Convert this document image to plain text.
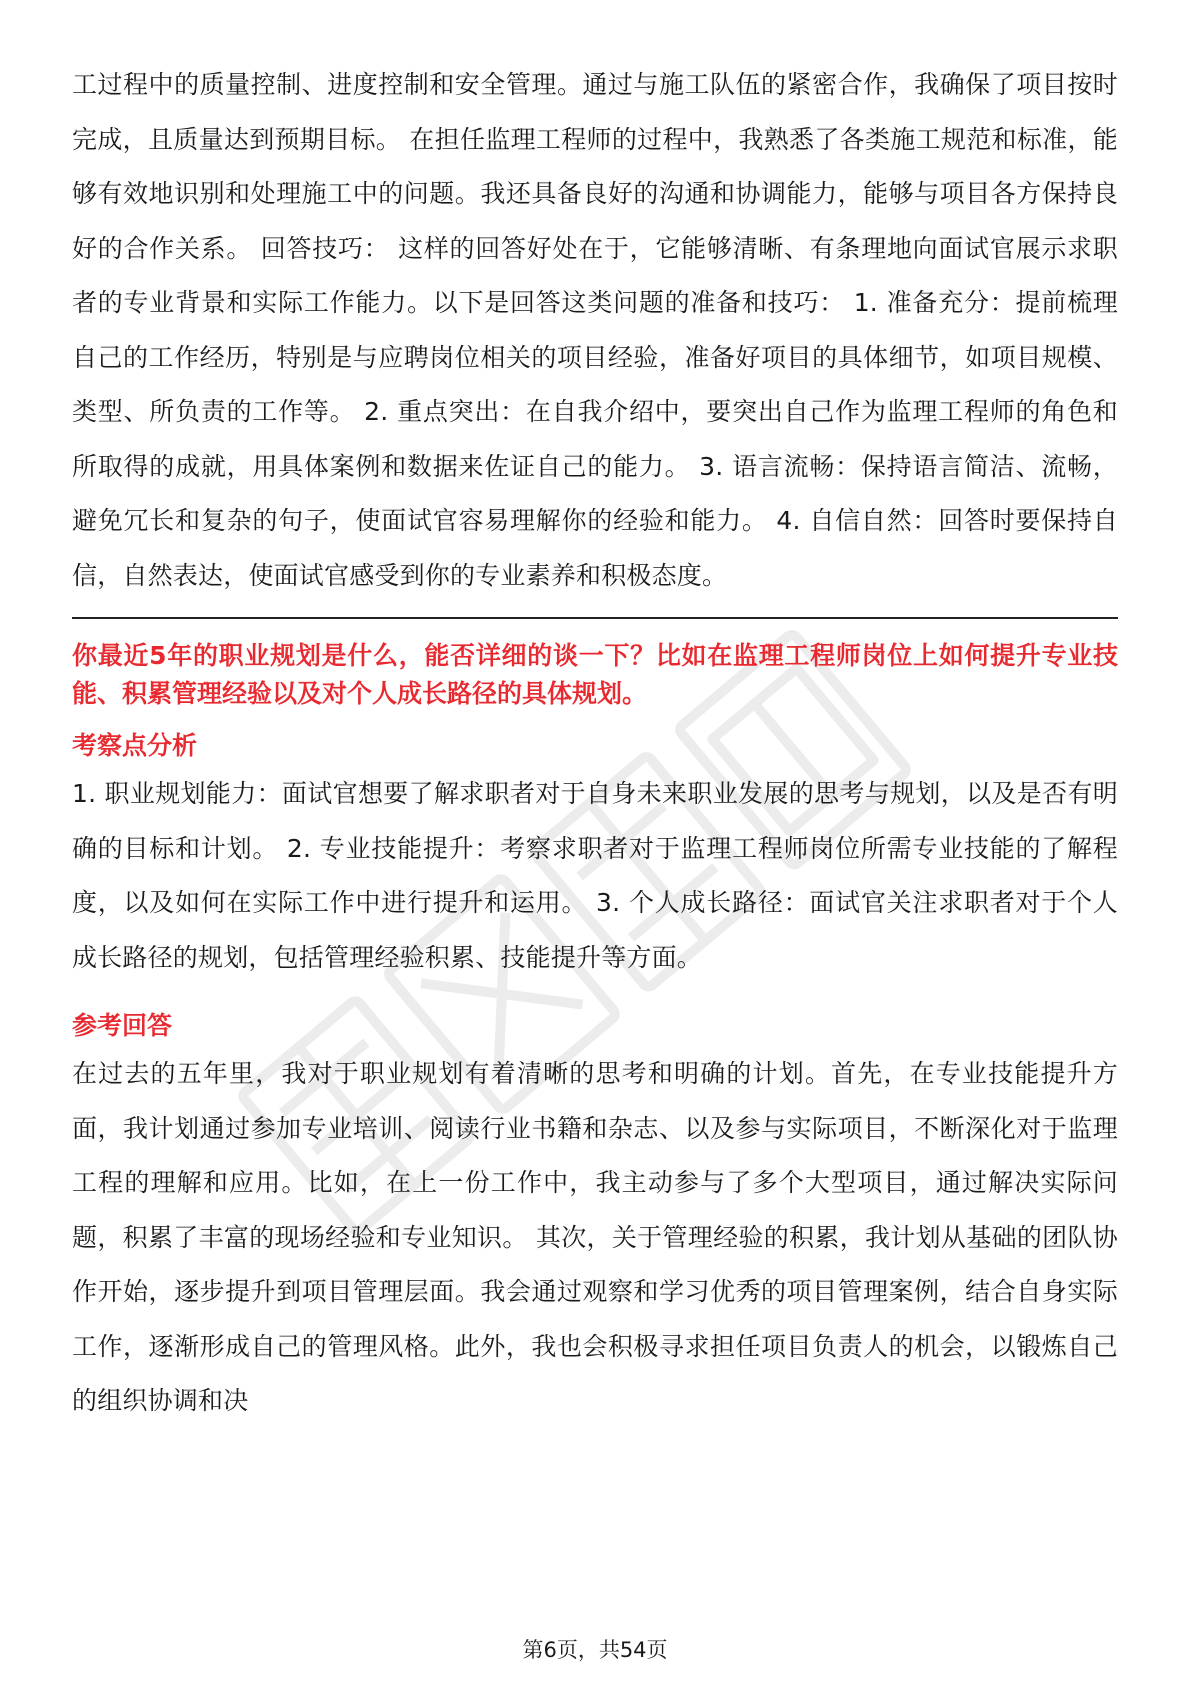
工过程中的质量控制、进度控制和安全管理。通过与施工队伍的紧密合作，我确保了项目按时完成，且质量达到预期目标。 在担任监理工程师的过程中，我熟悉了各类施工规范和标准，能够有效地识别和处理施工中的问题。我还具备良好的沟通和协调能力，能够与项目各方保持良好的合作关系。 回答技巧： 这样的回答好处在于，它能够清晰、有条理地向面试官展示求职者的专业背景和实际工作能力。以下是回答这类问题的准备和技巧： 1. 准备充分：提前梳理自己的工作经历，特别是与应聘岗位相关的项目经验，准备好项目的具体细节，如项目规模、类型、所负责的工作等。 2. 重点突出：在自我介绍中，要突出自己作为监理工程师的角色和所取得的成就，用具体案例和数据来佐证自己的能力。 3. 语言流畅：保持语言简洁、流畅，避免冗长和复杂的句子，使面试官容易理解你的经验和能力。 4. 自信自然：回答时要保持自信，自然表达，使面试官感受到你的专业素养和积极态度。

你最近5年的职业规划是什么，能否详细的谈一下？比如在监理工程师岗位上如何提升专业技能、积累管理经验以及对个人成长路径的具体规划。

考察点分析

1. 职业规划能力：面试官想要了解求职者对于自身未来职业发展的思考与规划，以及是否有明确的目标和计划。 2. 专业技能提升：考察求职者对于监理工程师岗位所需专业技能的了解程度，以及如何在实际工作中进行提升和运用。 3. 个人成长路径：面试官关注求职者对于个人成长路径的规划，包括管理经验积累、技能提升等方面。

参考回答

在过去的五年里，我对于职业规划有着清晰的思考和明确的计划。首先，在专业技能提升方面，我计划通过参加专业培训、阅读行业书籍和杂志、以及参与实际项目，不断深化对于监理工程的理解和应用。比如，在上一份工作中，我主动参与了多个大型项目，通过解决实际问题，积累了丰富的现场经验和专业知识。 其次，关于管理经验的积累，我计划从基础的团队协作开始，逐步提升到项目管理层面。我会通过观察和学习优秀的项目管理案例，结合自身实际工作，逐渐形成自己的管理风格。此外，我也会积极寻求担任项目负责人的机会，以锻炼自己的组织协调和决

第6页，共54页
